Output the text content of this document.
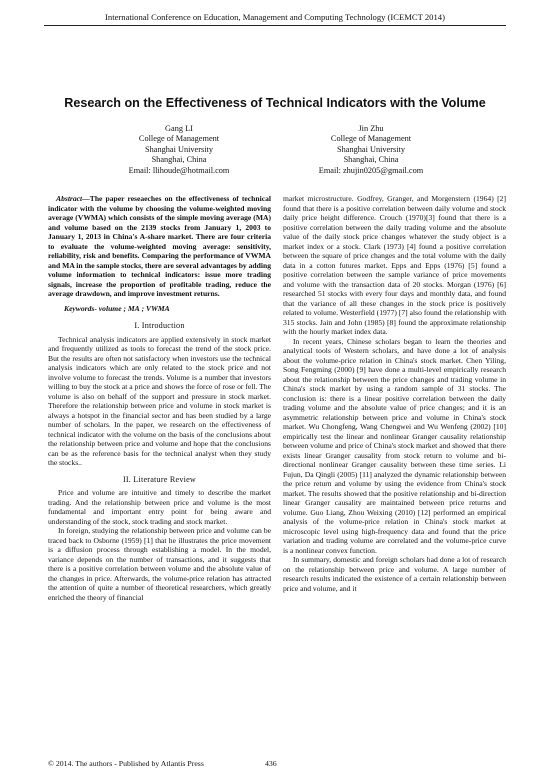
International Conference on Education, Management and Computing Technology (ICEMCT 2014)
Research on the Effectiveness of Technical Indicators with the Volume
Gang LI
College of Management
Shanghai University
Shanghai, China
Email: llihoude@hotmail.com
Jin Zhu
College of Management
Shanghai University
Shanghai, China
Email: zhujin0205@gmail.com

Abstract—The paper reseaeches on the effectiveness of technical indicator with the volume by choosing the volume-weighted moving average (VWMA) which consists of the simple moving average (MA) and volume based on the 2139 stocks from January 1, 2003 to January 1, 2013 in China's A-share market. There are four criteria to evaluate the volume-weighted moving average: sensitivity, reliability, risk and benefits. Comparing the performance of VWMA and MA in the sample stocks, there are several advantages by adding volume information to technical indicators: issue more trading signals, increase the proportion of profitable trading, reduce the average drawdown, and improve investment returns.

Keywords- volume ; MA ; VWMA

I. Introduction

Technical analysis indicators are applied extensively in stock market and frequently utilized as tools to forecast the trend of the stock price. But the results are often not satisfactory when investors use the technical analysis indicators which are only related to the stock price and not involve volume to forecast the trends. Volume is a number that investors willing to buy the stock at a price and shows the force of rose or fell. The volume is also on behalf of the support and pressure in stock market. Therefore the relationship between price and volume in stock market is always a hotspot in the financial sector and has been studied by a large number of scholars. In the paper, we research on the effectiveness of technical indicator with the volume on the basis of the conclusions about the relationship between price and volume and hope that the conclusions can be as the reference basis for the technical analyst when they study the stocks..

II. Literature Review

Price and volume are intuitive and timely to describe the market trading. And the relationship between price and volume is the most fundamental and important entry point for being aware and understanding of the stock, stock trading and stock market.

In foreign, studying the relationship between price and volume can be traced back to Osborne (1959) [1] that he illustrates the price movement is a diffusion process through establishing a model. In the model, variance depends on the number of transactions, and it suggests that there is a positive correlation between volume and the absolute value of the changes in price. Afterwards, the volume-price relation has attracted the attention of quite a number of theoretical researchers, which greatly enriched the theory of financial

market microstructure. Godfrey, Granger, and Morgenstern (1964) [2] found that there is a positive correlation between daily volume and stock daily price height difference. Crouch (1970)[3] found that there is a positive correlation between the daily trading volume and the absolute value of the daily stock price changes whatever the study object is a market index or a stock. Clark (1973) [4] found a positive correlation between the square of price changes and the total volume with the daily data in a cotton futures market. Epps and Epps (1976) [5] found a positive correlation between the sample variance of price movements and volume with the transaction data of 20 stocks. Morgan (1976) [6] researched 51 stocks with every four days and monthly data, and found that the variance of all these changes in the stock price is positively related to volume. Westerfield (1977) [7] also found the relationship with 315 stocks. Jain and John (1985) [8] found the approximate relationship with the hourly market index data.

In recent years, Chinese scholars began to learn the theories and analytical tools of Western scholars, and have done a lot of analysis about the volume-price relation in China's stock market. Chen Yiling, Song Fengming (2000) [9] have done a multi-level empirically research about the relationship between the price changes and trading volume in China's stock market by using a random sample of 31 stocks. The conclusion is: there is a linear positive correlation between the daily trading volume and the absolute value of price changes; and it is an asymmetric relationship between price and volume in China's stock market. Wu Chongfeng, Wang Chengwei and Wu Wenfeng (2002) [10] empirically test the linear and nonlinear Granger causality relationship between volume and price of China's stock market and showed that there exists linear Granger causality from stock return to volume and bi-directional nonlinear Granger causality between these time series. Li Fujun, Da Qingli (2005) [11] analyzed the dynamic relationship between the price return and volume by using the evidence from China's stock market. The results showed that the positive relationship and bi-direction linear Granger causality are maintained between price returns and volume. Guo Liang, Zhou Weixing (2010) [12] performed an empirical analysis of the volume-price relation in China's stock market at microscopic level using high-frequency data and found that the price variation and trading volume are correlated and the volume-price curve is a nonlinear convex function.

In summary, domestic and foreign scholars had done a lot of research on the relationship between price and volume. A large number of research results indicated the existence of a certain relationship between price and volume, and it

© 2014. The authors - Published by Atlantis Press	436
